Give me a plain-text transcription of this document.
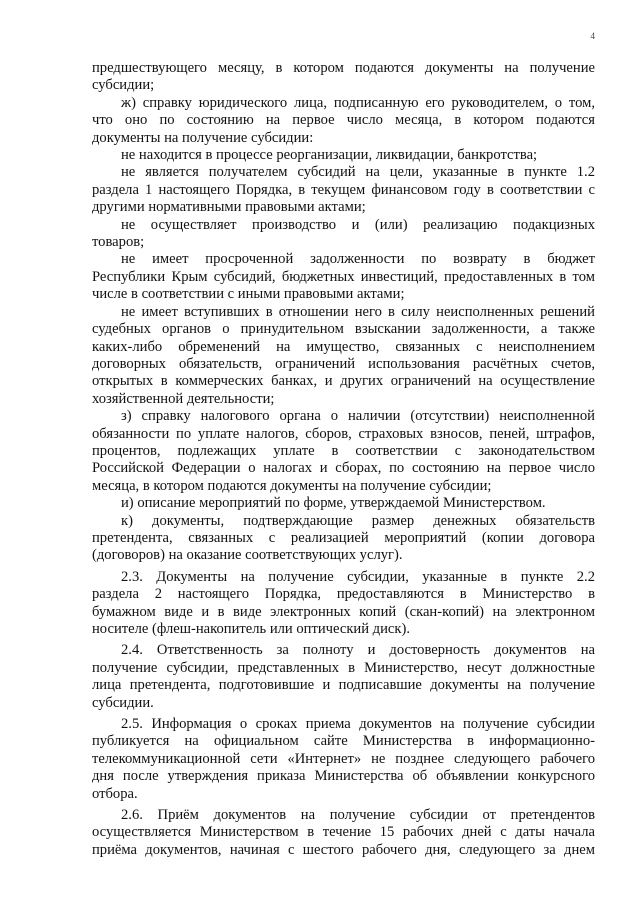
4
предшествующего месяцу, в котором подаются документы на получение
субсидии;
ж) справку юридического лица, подписанную его руководителем, о том,
что оно по состоянию на первое число месяца, в котором подаются
документы на получение субсидии:
не находится в процессе реорганизации, ликвидации, банкротства;
не является получателем субсидий на цели, указанные в пункте 1.2
раздела 1 настоящего Порядка, в текущем финансовом году в соответствии с
другими нормативными правовыми актами;
не осуществляет производство и (или) реализацию подакцизных
товаров;
не имеет просроченной задолженности по возврату в бюджет
Республики Крым субсидий, бюджетных инвестиций, предоставленных в том
числе в соответствии с иными правовыми актами;
не имеет вступивших в отношении него в силу неисполненных решений
судебных органов о принудительном взыскании задолженности, а также
каких-либо обременений на имущество, связанных с неисполнением
договорных обязательств, ограничений использования расчётных счетов,
открытых в коммерческих банках, и других ограничений на осуществление
хозяйственной деятельности;
з) справку налогового органа о наличии (отсутствии) неисполненной
обязанности по уплате налогов, сборов, страховых взносов, пеней, штрафов,
процентов, подлежащих уплате в соответствии с законодательством
Российской Федерации о налогах и сборах, по состоянию на первое число
месяца, в котором подаются документы на получение субсидии;
и) описание мероприятий по форме, утверждаемой Министерством.
к) документы, подтверждающие размер денежных обязательств
претендента, связанных с реализацией мероприятий (копии договора
(договоров) на оказание соответствующих услуг).
2.3. Документы на получение субсидии, указанные в пункте 2.2
раздела 2 настоящего Порядка, предоставляются в Министерство в
бумажном виде и в виде электронных копий (скан-копий) на электронном
носителе (флеш-накопитель или оптический диск).
2.4. Ответственность за полноту и достоверность документов на
получение субсидии, представленных в Министерство, несут должностные
лица претендента, подготовившие и подписавшие документы на получение
субсидии.
2.5. Информация о сроках приема документов на получение субсидии
публикуется на официальном сайте Министерства в информационно-
телекоммуникационной сети «Интернет» не позднее следующего рабочего
дня после утверждения приказа Министерства об объявлении конкурсного
отбора.
2.6. Приём документов на получение субсидии от претендентов
осуществляется Министерством в течение 15 рабочих дней с даты начала
приёма документов, начиная с шестого рабочего дня, следующего за днем
